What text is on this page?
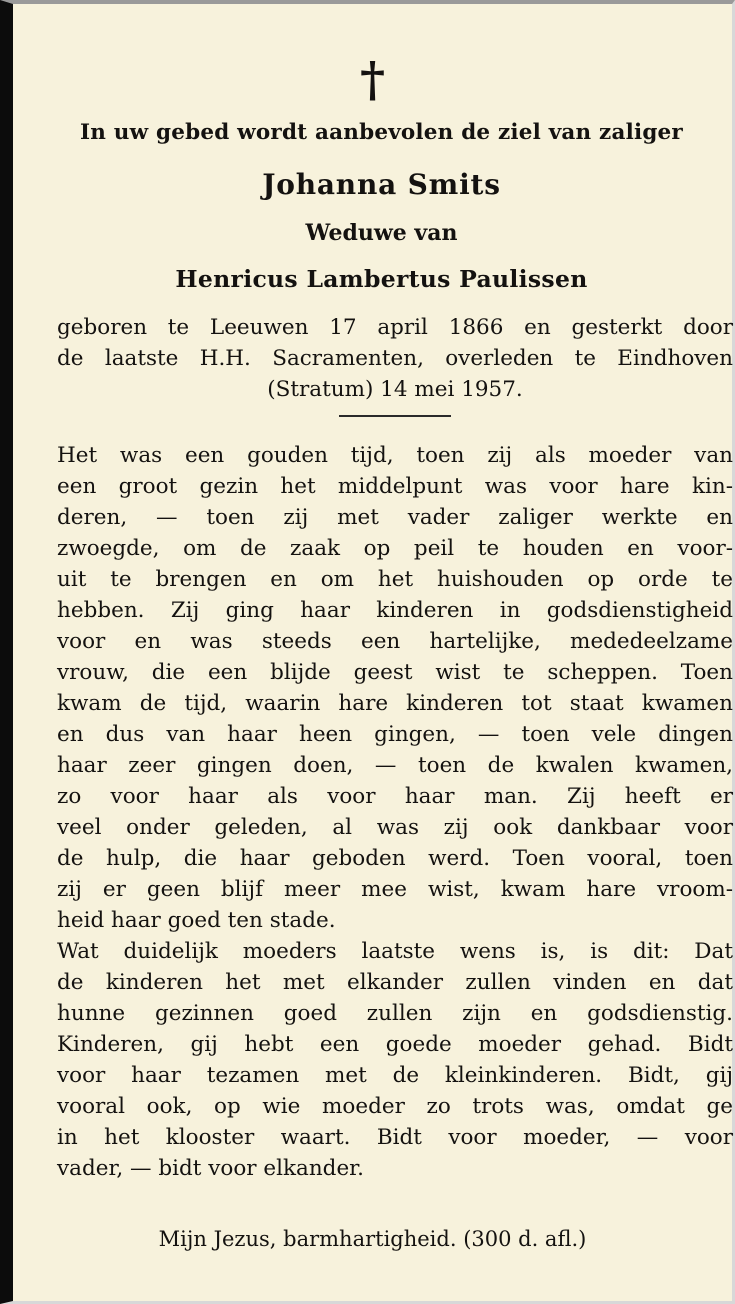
†
In uw gebed wordt aanbevolen de ziel van zaliger
Johanna Smits
Weduwe van
Henricus Lambertus Paulissen
geboren te Leeuwen 17 april 1866 en gesterkt door
de laatste H.H. Sacramenten, overleden te Eindhoven
(Stratum) 14 mei 1957.
Het was een gouden tijd, toen zij als moeder van
een groot gezin het middelpunt was voor hare kin-
deren, — toen zij met vader zaliger werkte en
zwoegde, om de zaak op peil te houden en voor-
uit te brengen en om het huishouden op orde te
hebben. Zij ging haar kinderen in godsdienstigheid
voor en was steeds een hartelijke, mededeelzame
vrouw, die een blijde geest wist te scheppen. Toen
kwam de tijd, waarin hare kinderen tot staat kwamen
en dus van haar heen gingen, — toen vele dingen
haar zeer gingen doen, — toen de kwalen kwamen,
zo voor haar als voor haar man. Zij heeft er
veel onder geleden, al was zij ook dankbaar voor
de hulp, die haar geboden werd. Toen vooral, toen
zij er geen blijf meer mee wist, kwam hare vroom-
heid haar goed ten stade.
Wat duidelijk moeders laatste wens is, is dit: Dat
de kinderen het met elkander zullen vinden en dat
hunne gezinnen goed zullen zijn en godsdienstig.
Kinderen, gij hebt een goede moeder gehad. Bidt
voor haar tezamen met de kleinkinderen. Bidt, gij
vooral ook, op wie moeder zo trots was, omdat ge
in het klooster waart. Bidt voor moeder, — voor
vader, — bidt voor elkander.
Mijn Jezus, barmhartigheid. (300 d. afl.)
